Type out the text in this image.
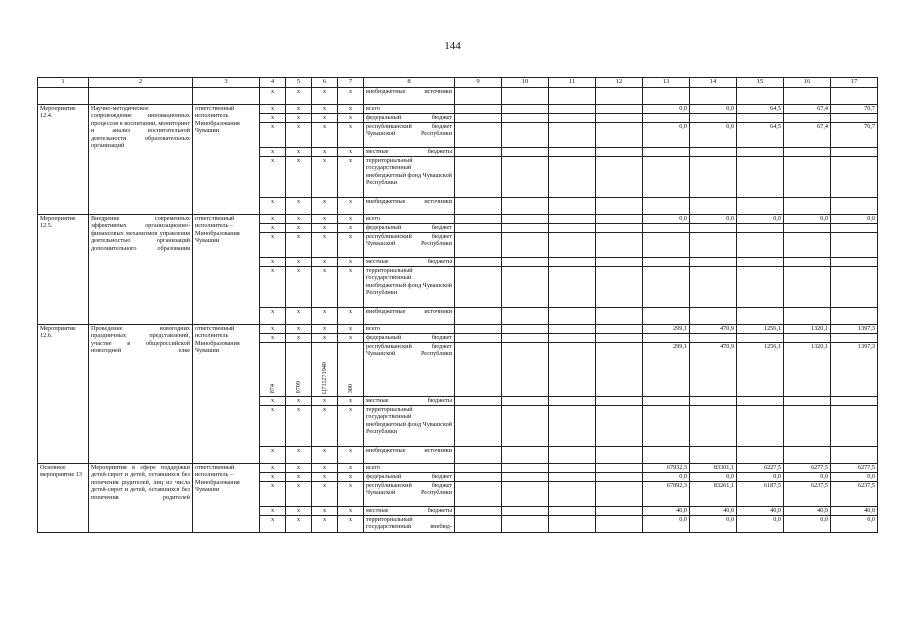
144
1	2	3	4	5	6	7	8	9	10	11	12	13	14	15	16	17
			x	x	x	x	внебюджетные источники									
Мероприятие 12.4.	Научно-методическое сопровождение инновационных процессов в воспитании, мониторинг и анализ воспитательной деятельности образовательных организаций	ответственный исполнитель Минобразования Чувашии	x	x	x	x	всего					0,0	0,0	64,5	67,4	70,7
			x	x	x	x	федеральный бюджет									
			x	x	x	x	республиканский бюджет Чувашской Республики					0,0	0,0	64,5	67,4	70,7
			x	x	x	x	местные бюджеты									
			x	x	x	x	территориальный государственный внебюджетный фонд Чувашской Республики									
			x	x	x	x	внебюджетные источники									
Мероприятие 12.5.	Внедрение современных эффективных организационно-финансовых механизмов управления деятельностью организаций дополнительного образования	ответственный исполнитель – Минобразования Чувашии	x	x	x	x	всего					0,0	0,0	0,0	0,0	0,0
			x	x	x	x	федеральный бюджет									
			x	x	x	x	республиканский бюджет Чувашской Республики									
			x	x	x	x	местные бюджеты									
			x	x	x	x	территориальный государственный внебюджетный фонд Чувашской Республики									
			x	x	x	x	внебюджетные источники									
Мероприятие 12.6.	Проведение новогодних праздничных представлений, участие в общероссийской новогодней елке	ответственный исполнитель Минобразования Чувашии	x	x	x	x	всего					299,1	470,9	1256,1	1320,1	1397,3
			x	x	x	x	федеральный бюджет									
			874	0709	Ц711271940	300	республиканский бюджет Чувашской Республики					299,1	470,9	1256,1	1320,1	1397,3
			x	x	x	x	местные бюджеты									
			x	x	x	x	территориальный государственный внебюджетный фонд Чувашской Республики									
			x	x	x	x	внебюджетные источники									
Основное мероприятие 13	Мероприятия в сфере поддержки детей-сирот и детей, оставшихся без попечения родителей, лиц из числа детей-сирот и детей, оставшихся без попечения родителей	ответственный исполнитель – Минобразования Чувашии	x	x	x	x	всего					67932,3	83301,1	6227,5	6277,5	6277,5
			x	x	x	x	федеральный бюджет					0,0	0,0	0,0	0,0	0,0
			x	x	x	x	республиканский бюджет Чувашской Республики					67892,3	83261,1	6187,5	6237,5	6237,5
			x	x	x	x	местные бюджеты					40,0	40,0	40,0	40,0	40,0
			x	x	x	x	территориальный государственный внебюд-					0,0	0,0	0,0	0,0	0,0
